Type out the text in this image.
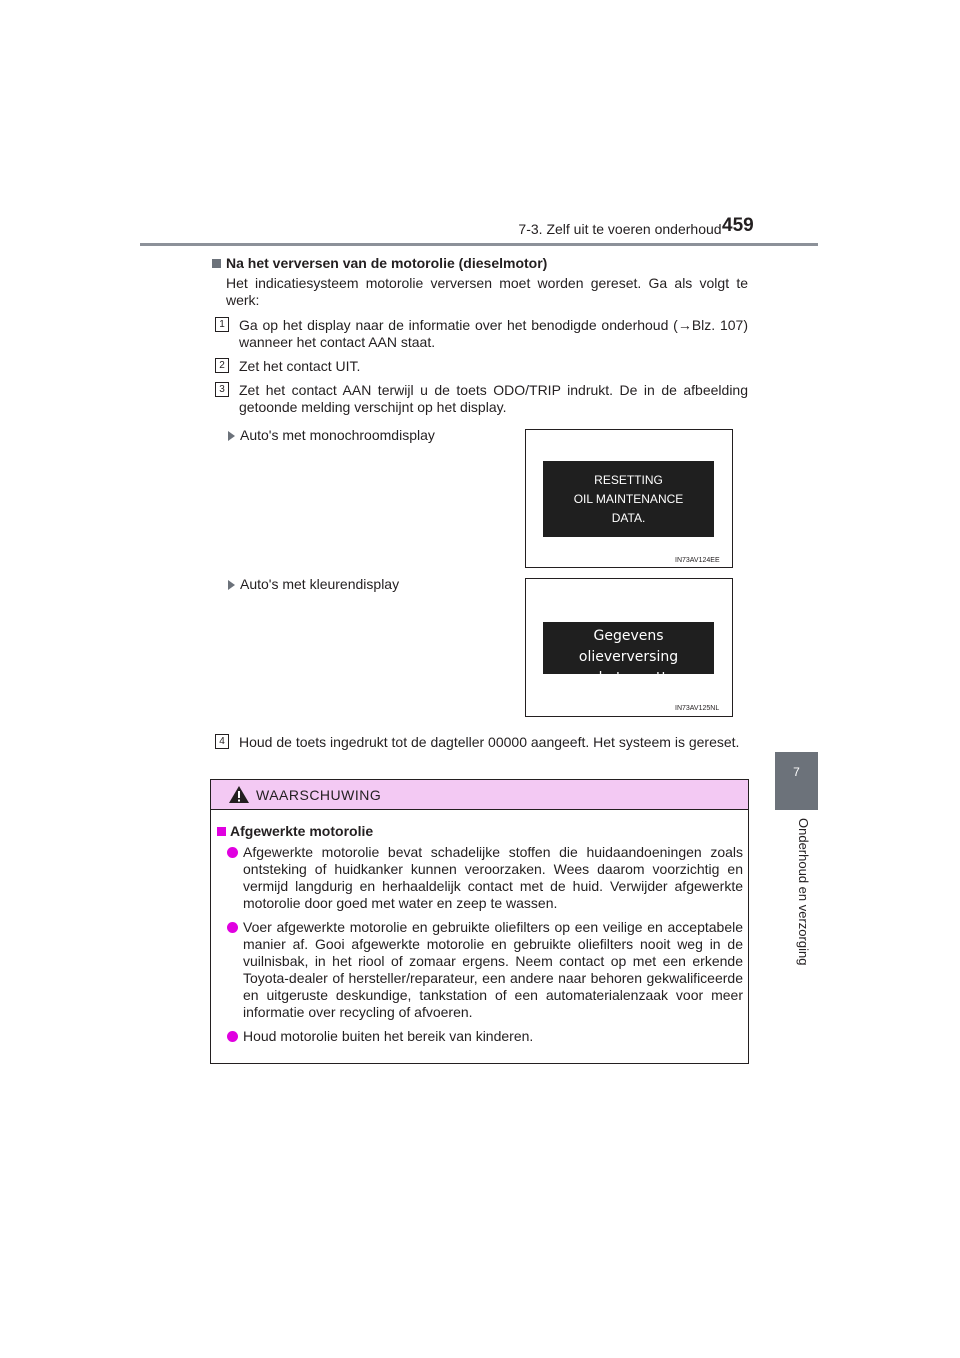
7-3. Zelf uit te voeren onderhoud 459
7
Onderhoud en verzorging
Na het verversen van de motorolie (dieselmotor)
Het indicatiesysteem motorolie verversen moet worden gereset. Ga als volgt te werk:
1	Ga op het display naar de informatie over het benodigde onderhoud (→Blz. 107) wanneer het contact AAN staat.
2	Zet het contact UIT.
3	Zet het contact AAN terwijl u de toets ODO/TRIP indrukt. De in de afbeelding getoonde melding verschijnt op het display.
Auto's met monochroomdisplay
RESETTING
OIL MAINTENANCE
DATA.
IN73AV124EE
Auto's met kleurendisplay
Gegevens olieverversing
aan het resetten.
IN73AV125NL
4	Houd de toets ingedrukt tot de dagteller 00000 aangeeft. Het systeem is gereset.
WAARSCHUWING
Afgewerkte motorolie
Afgewerkte motorolie bevat schadelijke stoffen die huidaandoeningen zoals ontsteking of huidkanker kunnen veroorzaken. Wees daarom voorzichtig en vermijd langdurig en herhaaldelijk contact met de huid. Verwijder afgewerkte motorolie door goed met water en zeep te wassen.
Voer afgewerkte motorolie en gebruikte oliefilters op een veilige en acceptabele manier af. Gooi afgewerkte motorolie en gebruikte oliefilters nooit weg in de vuilnisbak, in het riool of zomaar ergens. Neem contact op met een erkende Toyota-dealer of hersteller/reparateur, een andere naar behoren gekwalificeerde en uitgeruste deskundige, tankstation of een automaterialenzaak voor meer informatie over recycling of afvoeren.
Houd motorolie buiten het bereik van kinderen.
